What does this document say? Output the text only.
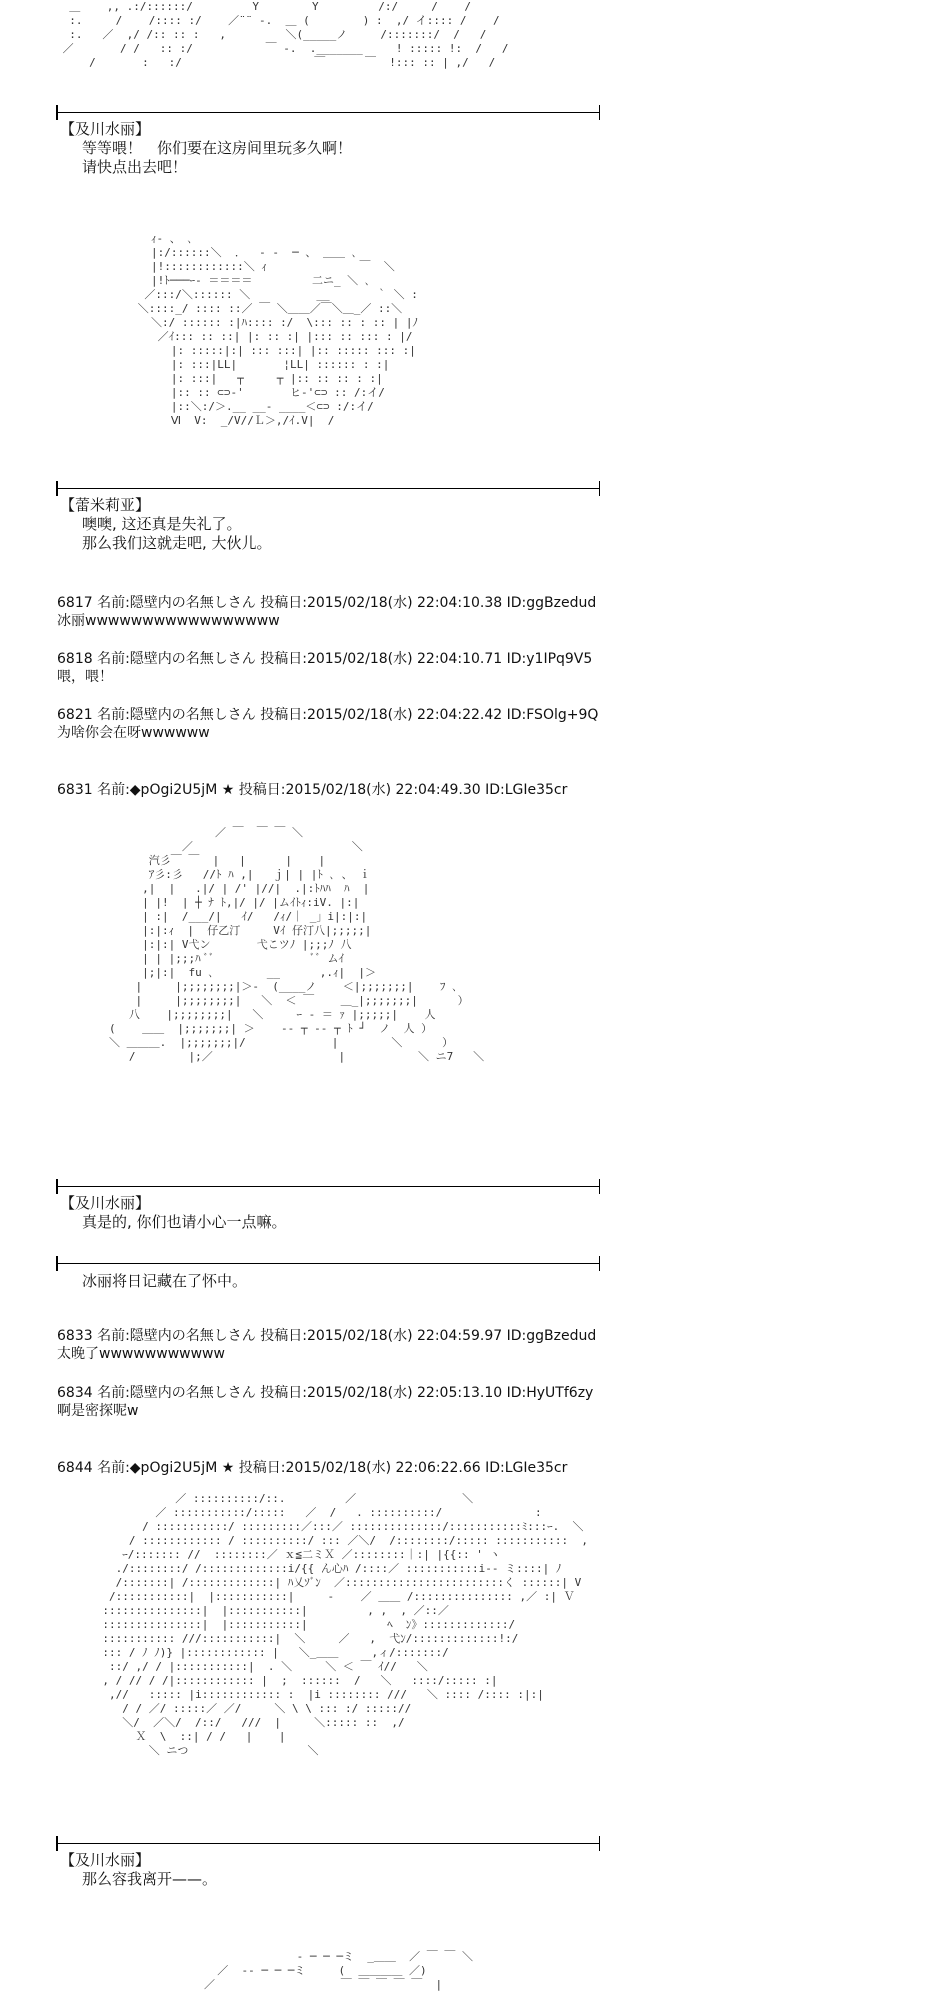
＿    ,, .:/::::::/         Y        Y         /:/     /    /
:.     /    /:::: :/    ／¨¨ ‐.  ＿ (        ) :  ,/ イ:::: /    /
:.   ／  ,/ /:: :: :   ,         ＼(_____ノ     /:::::::/  /   /
／       / /   :: :/           ￣ ‐.  ._______     ! ::::: !:  /   /
/       :   :/                    ￣      ￣  !::: :: | ,/   /
【及川水丽】
等等喂！　你们要在这房间里玩多久啊！
请快点出去吧！
ｨ‐ 、 ､
|:/::::::＼  ．  ‐ ‐  ─ 、 ＿＿ ､
|!::::::::::::＼ ｨ              ￣  ＼
|!ﾄ───ｰ- ＝＝＝＝         二ニ_ ＼ ､
／:::/＼:::::: ＼          __       ｀ ＼ :
＼::::_/ :::: ::／ ￣ ＼＿＿／￣＼＿_／ ::＼
＼:/ :::::: :|ﾊ:::: :/  \::: :: : :: | |ﾉ
／ｲ::: :: ::| |: :: :| |::: :: ::: : |/
|: :::::|:| ::: :::| |:: ::::: ::: :|
|: :::|LL|       ¦LL| :::::: : :|
|: :::|   ┬     ┬ |:: :: :: : :|
|:: :: ⊂⊃-'       ヒ‐'⊂⊃ :: /:イ/
|::＼:/＞.__ __‐ ____＜⊂⊃ :/:イ/
Ⅵ  V:  _/V//Ｌ＞,/ｲ.V|  /
【蕾米莉亚】
噢噢, 这还真是失礼了。
那么我们这就走吧, 大伙儿。
6817 名前:隠壁内の名無しさん 投稿日:2015/02/18(水) 22:04:10.38 ID:ggBzedud
冰丽wwwwwwwwwwwwwwwww
6818 名前:隠壁内の名無しさん 投稿日:2015/02/18(水) 22:04:10.71 ID:y1IPq9V5
喂，喂！
6821 名前:隠壁内の名無しさん 投稿日:2015/02/18(水) 22:04:22.42 ID:FSOlg+9Q
为啥你会在呀wwwwww
6831 名前:◆pOgi2U5jM ★ 投稿日:2015/02/18(水) 22:04:49.30 ID:LGIe35cr
／ ￣  ￣ ￣ ＼
／                        ＼
汽彡￣ ￣  |   |      |    |
ｱ彡:彡   //ﾄ ﾊ ,|   ｊ| | |ﾄ ､ 、 ｉ
,|  |   .|/ | /' |//|  .|:ﾄﾊﾊ  ﾊ  |
| |!  | ┼ ﾅ ﾄ,|/ |/ |ムｲﾄｨ:iV. |:|
| :|  /___/|   ｲ/   /ｨ/｜ _」i|:|:|
|:|:ｨ  |  仔乙汀     Vｲ 仔汀八|;;;;;|
|:|:| V弋ン       弋こツﾉ |;;;ﾉ 八
| | |;;;ﾊ ﾞﾞ               ﾞﾞ ムｲ
|;|:|  fu ､        __      ,.ｨ|  |＞
|     |;;;;;;;;|＞-  (____ノ    ＜|;;;;;;;|    ﾌ ､
|     |;;;;;;;;|   ＼  ＜ ￣    ＿_|;;;;;;;|      ）
八    |;;;;;;;;|   ＼     ｰ ‐ ＝ ｧ |;;;;;|    人
(    ＿＿  |;;;;;;;| ＞    ‐‐ ┬ ‐‐ ┬ ﾄ ┘  ノ  人 ）
＼ ＿＿＿.  |;;;;;;;|/             |        ＼      ）
/        |;／                   |           ＼ ニ7   ＼
【及川水丽】
真是的, 你们也请小心一点嘛。
冰丽将日记藏在了怀中。
6833 名前:隠壁内の名無しさん 投稿日:2015/02/18(水) 22:04:59.97 ID:ggBzedud
太晚了wwwwwwwwwww
6834 名前:隠壁内の名無しさん 投稿日:2015/02/18(水) 22:05:13.10 ID:HyUTf6zy
啊是密探呢w
6844 名前:◆pOgi2U5jM ★ 投稿日:2015/02/18(水) 22:06:22.66 ID:LGIe35cr
／ ::::::::::/::.         ／                ＼
／ :::::::::::/:::::   ／  /   . ::::::::::/              :
/ :::::::::::/ :::::::::／:::／ ::::::::::::::/:::::::::::ﾐ:::ｰ.  ＼
/ :::::::::::: / ::::::::::/ ::: ／＼/  /::::::::/::::: :::::::::::  ,
ｰ/::::::: //  ::::::::／ ｘ≦二ミＸ ／::::::::｜:| |{{:: ' ヽ
./::::::::/ /:::::::::::::i/{{ ん心ﾊ /::::／ :::::::::::i‐- ミ::::| ﾉ
/:::::::| /:::::::::::::| ﾊ乂ｿﾞﾝ  ／::::::::::::::::::::::::く ::::::| V
/:::::::::::|  |:::::::::::|     ‐    ／ ＿＿ /::::::::::::::: ,／ :| Ｖ
:::::::::::::::|  |:::::::::::|         , ,  , ／::／
:::::::::::::::|  |:::::::::::|            ﾍ  ﾝ》:::::::::::::/
::::::::::: ///:::::::::::|  ＼     ／   ,  弋ﾝ/:::::::::::::!:/
::: / ﾉ ﾉ)} |:::::::::::: |   ＼_＿＿     ,ィ/:::::::/
::/ ,/ / |:::::::::::|  . ＼     ＼ ＜ ￣ ｲ//   ＼
, / // / /|:::::::::::: |  ;  ::::::  /   ＼   ::::/::::: :|
,//   ::::: |i:::::::::::: :  |i :::::::: ///   ＼ :::: /:::: :|:|
/ / ／/ :::::／ ／/     ＼ \ \ ::: :/ ::::://
＼/  ／＼/  /::/   ///  |     ＼::::: ::  ,/
Ｘ  \  ::| / /   |    |
＼ ニつ                  ＼
【及川水丽】
那么容我离开——。
‐ ─ ─ ─ミ  _＿＿  ／ ￣ ￣ ＼
／  ‐‐ ─ ─ ─ミ     (  ＿＿＿＿ ／)
／                   ￣ ￣ ￣ ￣ ￣  |
